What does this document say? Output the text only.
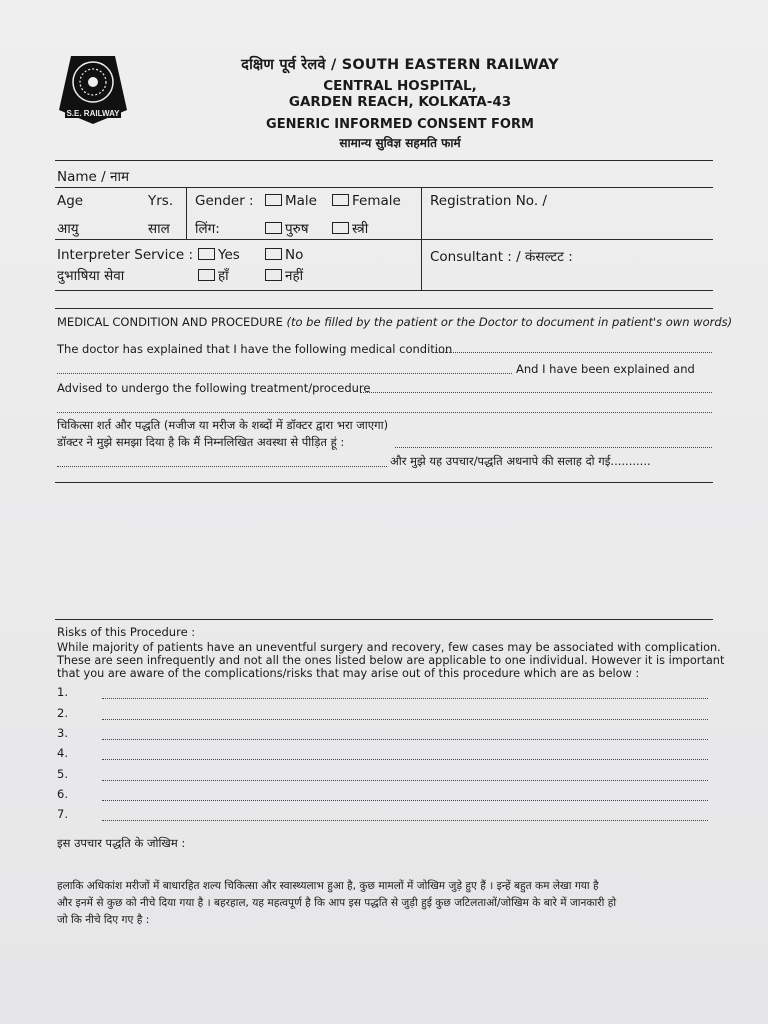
S.E. RAILWAY
दक्षिण पूर्व रेलवे / SOUTH EASTERN RAILWAY
CENTRAL HOSPITAL,
GARDEN REACH, KOLKATA-43
GENERIC INFORMED CONSENT FORM
सामान्य सुविज्ञ सहमति फार्म
Name / नाम
Age	Yrs.
आयु	साल
Gender :	Male	Female
लिंग:	पुरुष	स्त्री
Registration No. /
Interpreter Service :	Yes	No
दुभाषिया सेवा	हाँ	नहीं
Consultant : / कंसल्टट :
MEDICAL CONDITION AND PROCEDURE (to be filled by the patient or the Doctor to document in patient's own words)
The doctor has explained that I have the following medical condition
And I have been explained and
Advised to undergo the following treatment/procedure
चिकित्सा शर्त और पद्धति (मजीज या मरीज के शब्दों में डॉक्टर द्वारा भरा जाएगा)
डॉक्टर ने मुझे समझा दिया है कि मैं निम्नलिखित अवस्था से पीड़ित हूं :
और मुझे यह उपचार/पद्धति अधनापे की सलाह दो गई...........
Risks of this Procedure :
While majority of patients have an uneventful surgery and recovery, few cases may be associated with complication.
These are seen infrequently and not all the ones listed below are applicable to one individual. However it is important
that you are aware of the complications/risks that may arise out of this procedure which are as below :
1.
2.
3.
4.
5.
6.
7.
इस उपचार पद्धति के जोखिम :
हलाकि अधिकांश मरीजों में बाधारहित शल्य चिकित्सा और स्वास्थ्यलाभ हुआ है, कुछ मामलों में जोखिम जुड़े हुए हैं । इन्हें बहुत कम लेखा गया है
और इनमें से कुछ को नीचे दिया गया है । बहरहाल, यह महत्वपूर्ण है कि आप इस पद्धति से जुड़ी हुई कुछ जटिलताओं/जोखिम के बारे में जानकारी हो
जो कि नीचे दिए गए है :
